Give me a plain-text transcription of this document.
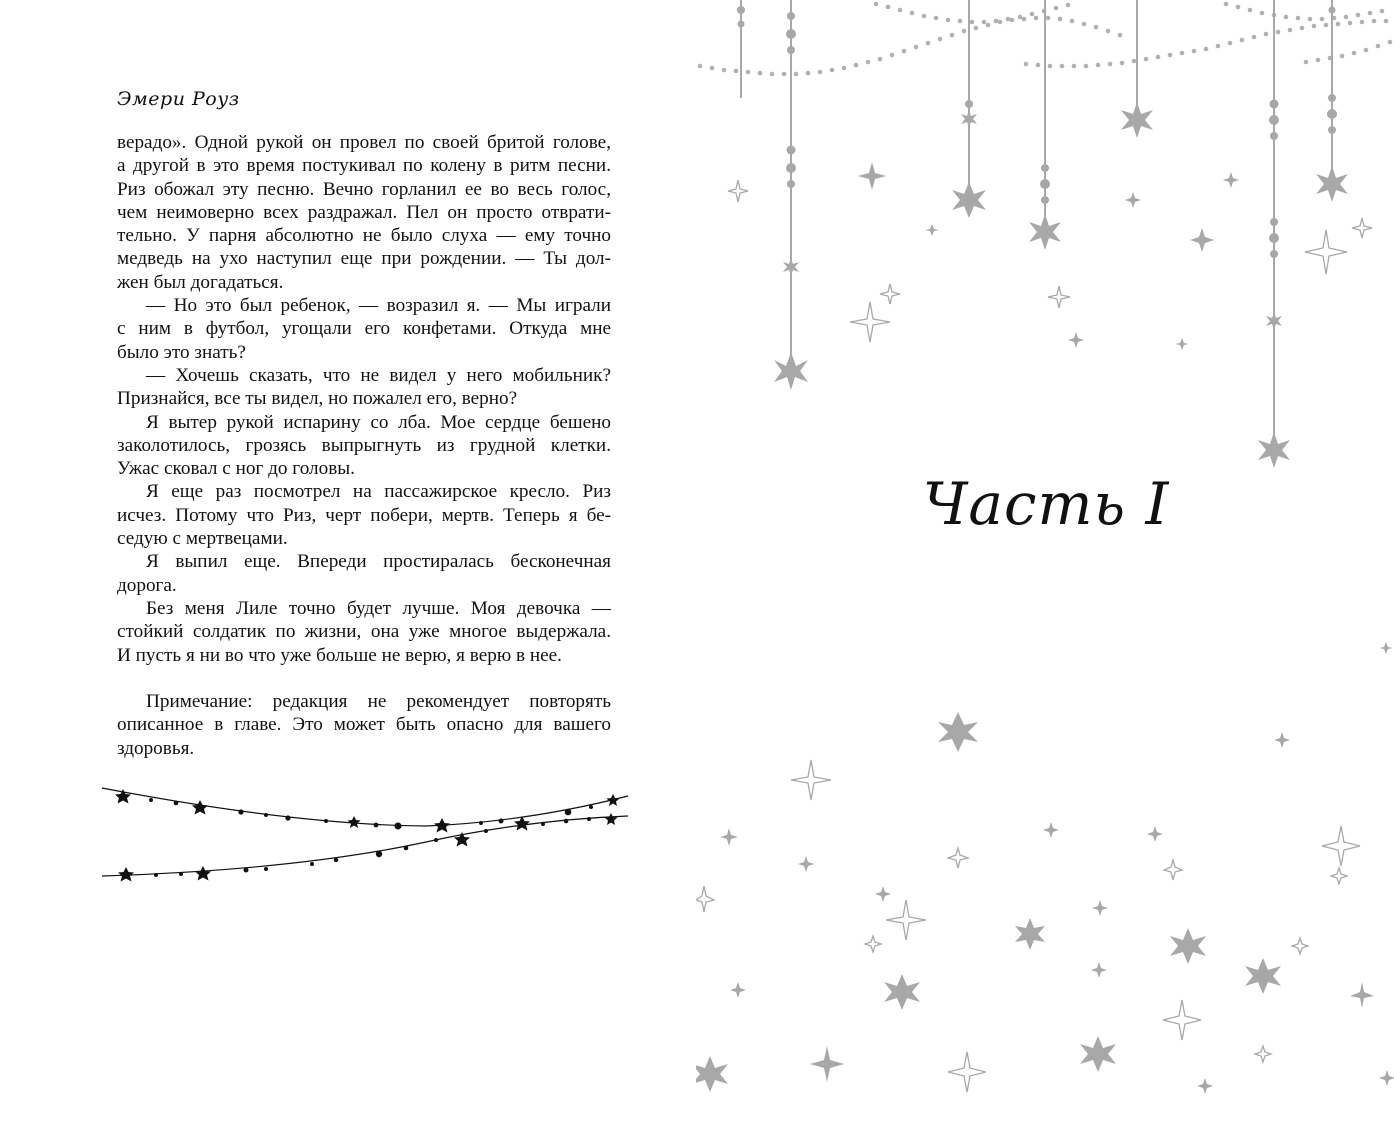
Эмери Роуз
верадо». Одной рукой он провел по своей бритой голове,
а другой в это время постукивал по колену в ритм песни.
Риз обожал эту песню. Вечно горланил ее во весь голос,
чем неимоверно всех раздражал. Пел он просто отврати-
тельно. У парня абсолютно не было слуха — ему точно
медведь на ухо наступил еще при рождении. — Ты дол-
жен был догадаться.
— Но это был ребенок, — возразил я. — Мы играли
с ним в футбол, угощали его конфетами. Откуда мне
было это знать?
— Хочешь сказать, что не видел у него мобильник?
Признайся, все ты видел, но пожалел его, верно?
Я вытер рукой испарину со лба. Мое сердце бешено
заколотилось, грозясь выпрыгнуть из грудной клетки.
Ужас сковал с ног до головы.
Я еще раз посмотрел на пассажирское кресло. Риз
исчез. Потому что Риз, черт побери, мертв. Теперь я бе-
седую с мертвецами.
Я выпил еще. Впереди простиралась бесконечная
дорога.
Без меня Лиле точно будет лучше. Моя девочка —
стойкий солдатик по жизни, она уже многое выдержала.
И пусть я ни во что уже больше не верю, я верю в нее.
Примечание: редакция не рекомендует повторять
описанное в главе. Это может быть опасно для вашего
здоровья.
Часть I
